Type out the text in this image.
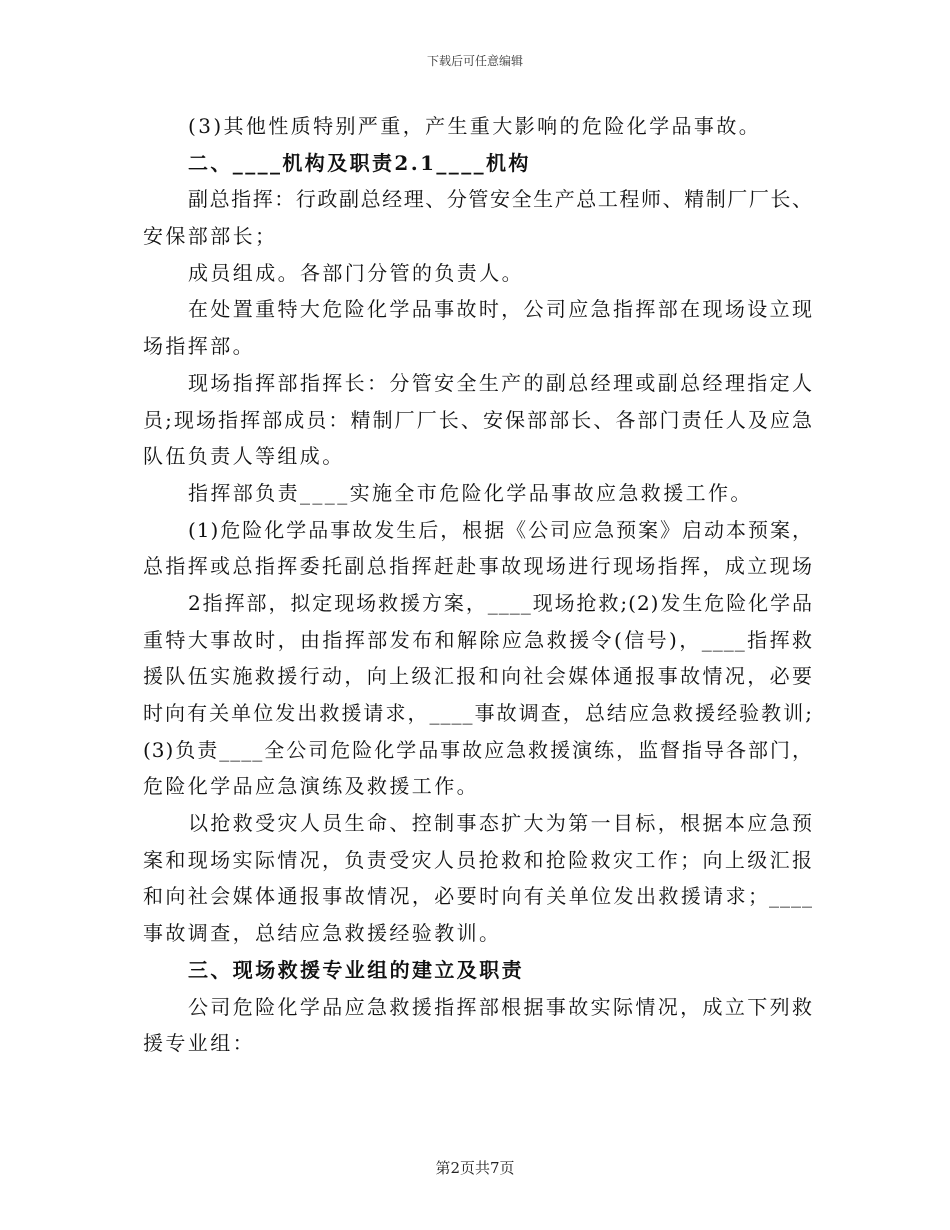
下载后可任意编辑
(3)其他性质特别严重，产生重大影响的危险化学品事故。
二、____机构及职责2.1____机构
副总指挥：行政副总经理、分管安全生产总工程师、精制厂厂长、
安保部部长；
成员组成。各部门分管的负责人。
在处置重特大危险化学品事故时，公司应急指挥部在现场设立现
场指挥部。
现场指挥部指挥长：分管安全生产的副总经理或副总经理指定人
员;现场指挥部成员：精制厂厂长、安保部部长、各部门责任人及应急
队伍负责人等组成。
指挥部负责____实施全市危险化学品事故应急救援工作。
(1)危险化学品事故发生后，根据《公司应急预案》启动本预案，
总指挥或总指挥委托副总指挥赶赴事故现场进行现场指挥，成立现场
2指挥部，拟定现场救援方案，____现场抢救;(2)发生危险化学品
重特大事故时，由指挥部发布和解除应急救援令(信号)，____指挥救
援队伍实施救援行动，向上级汇报和向社会媒体通报事故情况，必要
时向有关单位发出救援请求，____事故调查，总结应急救援经验教训;
(3)负责____全公司危险化学品事故应急救援演练，监督指导各部门，
危险化学品应急演练及救援工作。
以抢救受灾人员生命、控制事态扩大为第一目标，根据本应急预
案和现场实际情况，负责受灾人员抢救和抢险救灾工作；向上级汇报
和向社会媒体通报事故情况，必要时向有关单位发出救援请求；____
事故调查，总结应急救援经验教训。
三、现场救援专业组的建立及职责
公司危险化学品应急救援指挥部根据事故实际情况，成立下列救
援专业组：
第2页共7页
